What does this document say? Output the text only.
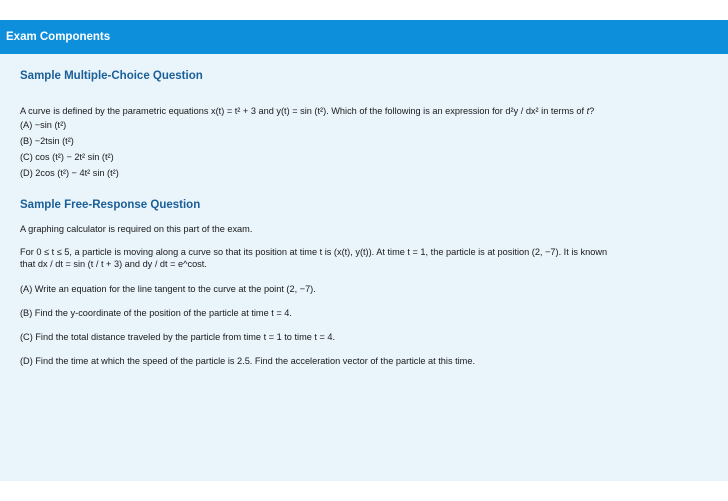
Exam Components
Sample Multiple-Choice Question

A curve is defined by the parametric equations x(t) = t² + 3 and y(t) = sin (t²). Which of the following is an expression for d²y / dx² in terms of t?

(A) −sin (t²)

(B) −2tsin (t²)

(C) cos (t²) − 2t² sin (t²)

(D) 2cos (t²) − 4t² sin (t²)

Sample Free-Response Question

A graphing calculator is required on this part of the exam.

For 0 ≤ t ≤ 5, a particle is moving along a curve so that its position at time t is (x(t), y(t)). At time t = 1, the particle is at position (2, −7). It is known
that dx / dt = sin (t / t + 3) and dy / dt = e^cost.

(A) Write an equation for the line tangent to the curve at the point (2, −7).

(B) Find the y-coordinate of the position of the particle at time t = 4.

(C) Find the total distance traveled by the particle from time t = 1 to time t = 4.

(D) Find the time at which the speed of the particle is 2.5. Find the acceleration vector of the particle at this time.
